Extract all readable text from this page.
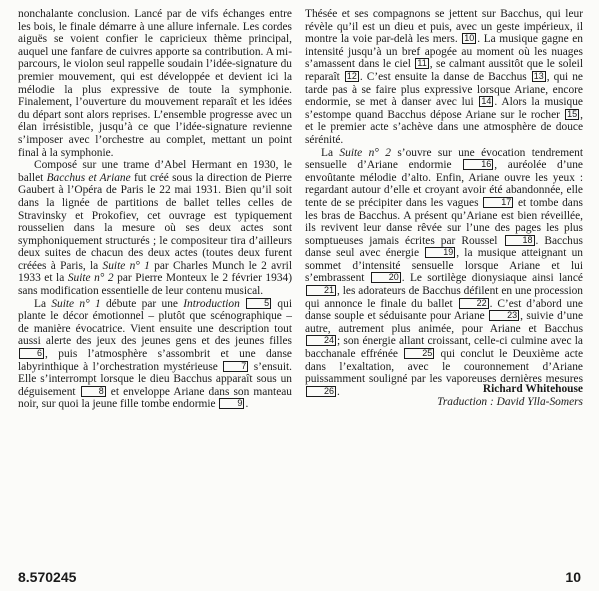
nonchalante conclusion. Lancé par de vifs échanges entre les bois, le finale démarre à une allure infernale. Les cordes aiguës se voient confier le capricieux thème principal, auquel une fanfare de cuivres apporte sa contribution. A mi-parcours, le violon seul rappelle soudain l’idée-signature du premier mouvement, qui est développée et devient ici la mélodie la plus expressive de toute la symphonie. Finalement, l’ouverture du mouvement reparaît et les idées du départ sont alors reprises. L’ensemble progresse avec un élan irrésistible, jusqu’à ce que l’idée-signature revienne s’imposer avec l’orchestre au complet, mettant un point final à la symphonie.

Composé sur une trame d’Abel Hermant en 1930, le ballet Bacchus et Ariane fut créé sous la direction de Pierre Gaubert à l’Opéra de Paris le 22 mai 1931. Bien qu’il soit dans la lignée de partitions de ballet telles celles de Stravinsky et Prokofiev, cet ouvrage est typiquement rousselien dans la mesure où ses deux actes sont symphoniquement structurés ; le compositeur tira d’ailleurs deux suites de chacun des deux actes (toutes deux furent créées à Paris, la Suite n° 1 par Charles Munch le 2 avril 1933 et la Suite n° 2 par Pierre Monteux le 2 février 1934) sans modification essentielle de leur contenu musical.

La Suite n° 1 débute par une Introduction	5 qui plante le décor émotionnel – plutôt que scénographique – de manière évocatrice. Vient ensuite une description tout aussi alerte des jeux des jeunes gens et des jeunes filles 6 , puis l’atmosphère s’assombrit et une danse labyrinthique à l’orchestration mystérieuse 7 s’ensuit. Elle s’interrompt lorsque le dieu Bacchus apparaît sous un déguisement 8 et enveloppe Ariane dans son manteau noir, sur quoi la jeune fille tombe endormie 9 .

Thésée et ses compagnons se jettent sur Bacchus, qui leur révèle qu’il est un dieu et puis, avec un geste impérieux, il montre la voie par-delà les mers. 10 . La musique gagne en intensité jusqu’à un bref apogée au moment où les nuages s’amassent dans le ciel 11 , se calmant aussitôt que le soleil reparaît 12 . C’est ensuite la danse de Bacchus 13 , qui ne tarde pas à se faire plus expressive lorsque Ariane, encore endormie, se met à danser avec lui 14 . Alors la musique s’estompe quand Bacchus dépose Ariane sur le rocher 15 , et le premier acte s’achève dans une atmosphère de douce sérénité.

La Suite n° 2 s’ouvre sur une évocation tendrement sensuelle d’Ariane endormie 16 , auréolée d’une envoûtante mélodie d’alto. Enfin, Ariane ouvre les yeux : regardant autour d’elle et croyant avoir été abandonnée, elle tente de se précipiter dans les vagues 17 et tombe dans les bras de Bacchus. A présent qu’Ariane est bien réveillée, ils revivent leur danse rêvée sur l’une des pages les plus somptueuses jamais écrites par Roussel 18 . Bacchus danse seul avec énergie 19 , la musique atteignant un sommet d’intensité sensuelle lorsque Ariane et lui s’embrassent 20 . Le sortilège dionysiaque ainsi lancé 21 , les adorateurs de Bacchus défilent en une procession qui annonce le finale du ballet 22 . C’est d’abord une danse souple et séduisante pour Ariane 23 , suivie d’une autre, autrement plus animée, pour Ariane et Bacchus 24 ; son énergie allant croissant, celle-ci culmine avec la bacchanale effrénée 25 qui conclut le Deuxième acte dans l’exaltation, avec le couronnement d’Ariane puissamment souligné par les vaporeuses dernières mesures 26 .	Richard Whitehouse
Traduction : David Ylla-Somers
8.570245	10
